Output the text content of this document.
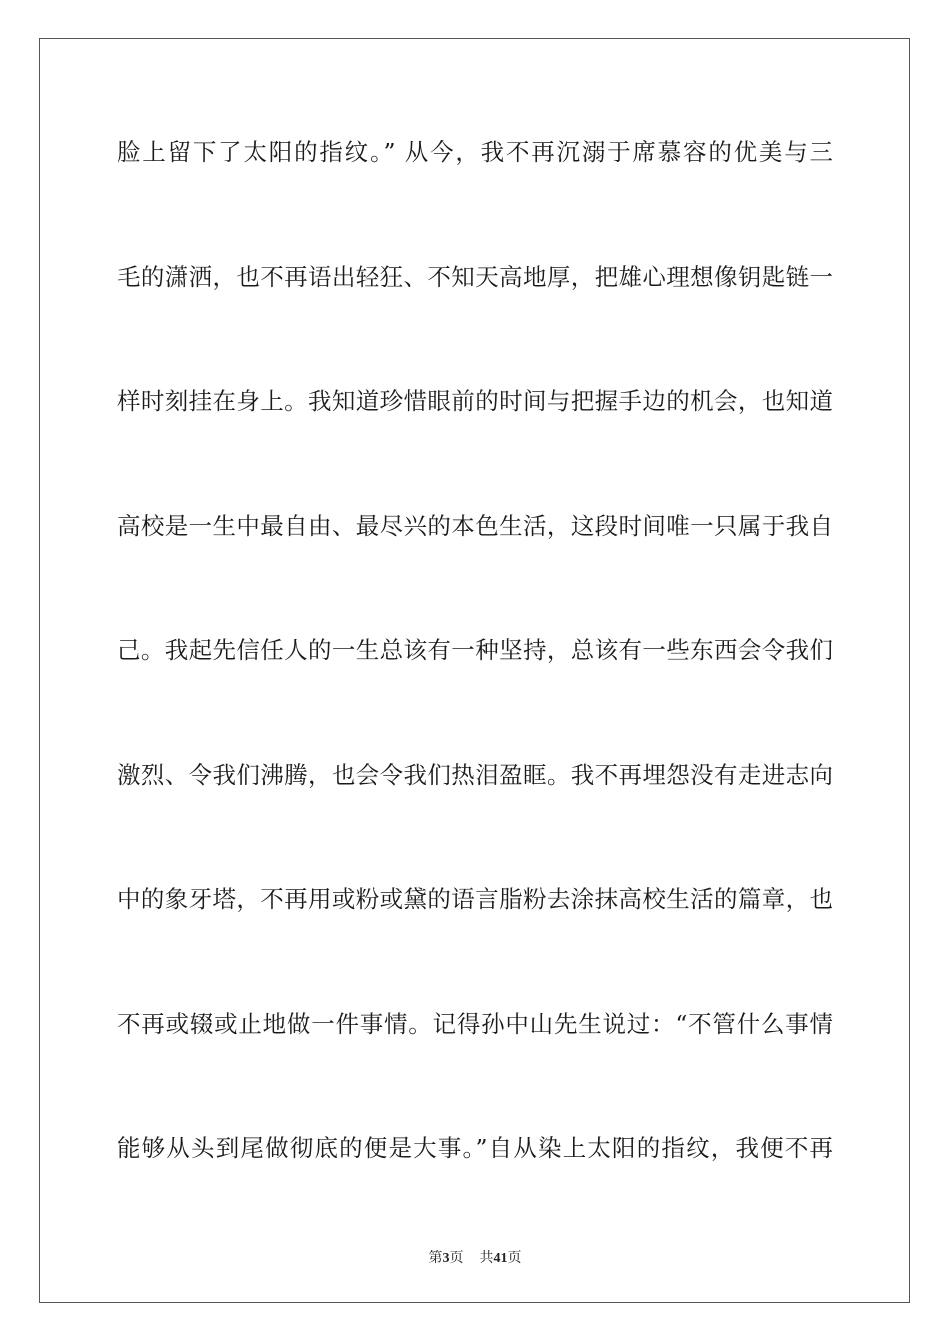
脸上留下了太阳的指纹。” 从今，我不再沉溺于席慕容的优美与三
毛的潇洒，也不再语出轻狂、不知天高地厚，把雄心理想像钥匙链一
样时刻挂在身上。我知道珍惜眼前的时间与把握手边的机会，也知道
高校是一生中最自由、最尽兴的本色生活，这段时间唯一只属于我自
己。我起先信任人的一生总该有一种坚持，总该有一些东西会令我们
激烈、令我们沸腾，也会令我们热泪盈眶。我不再埋怨没有走进志向
中的象牙塔，不再用或粉或黛的语言脂粉去涂抹高校生活的篇章，也
不再或辍或止地做一件事情。记得孙中山先生说过：“不管什么事情
能够从头到尾做彻底的便是大事。”自从染上太阳的指纹，我便不再
第3页 共41页
